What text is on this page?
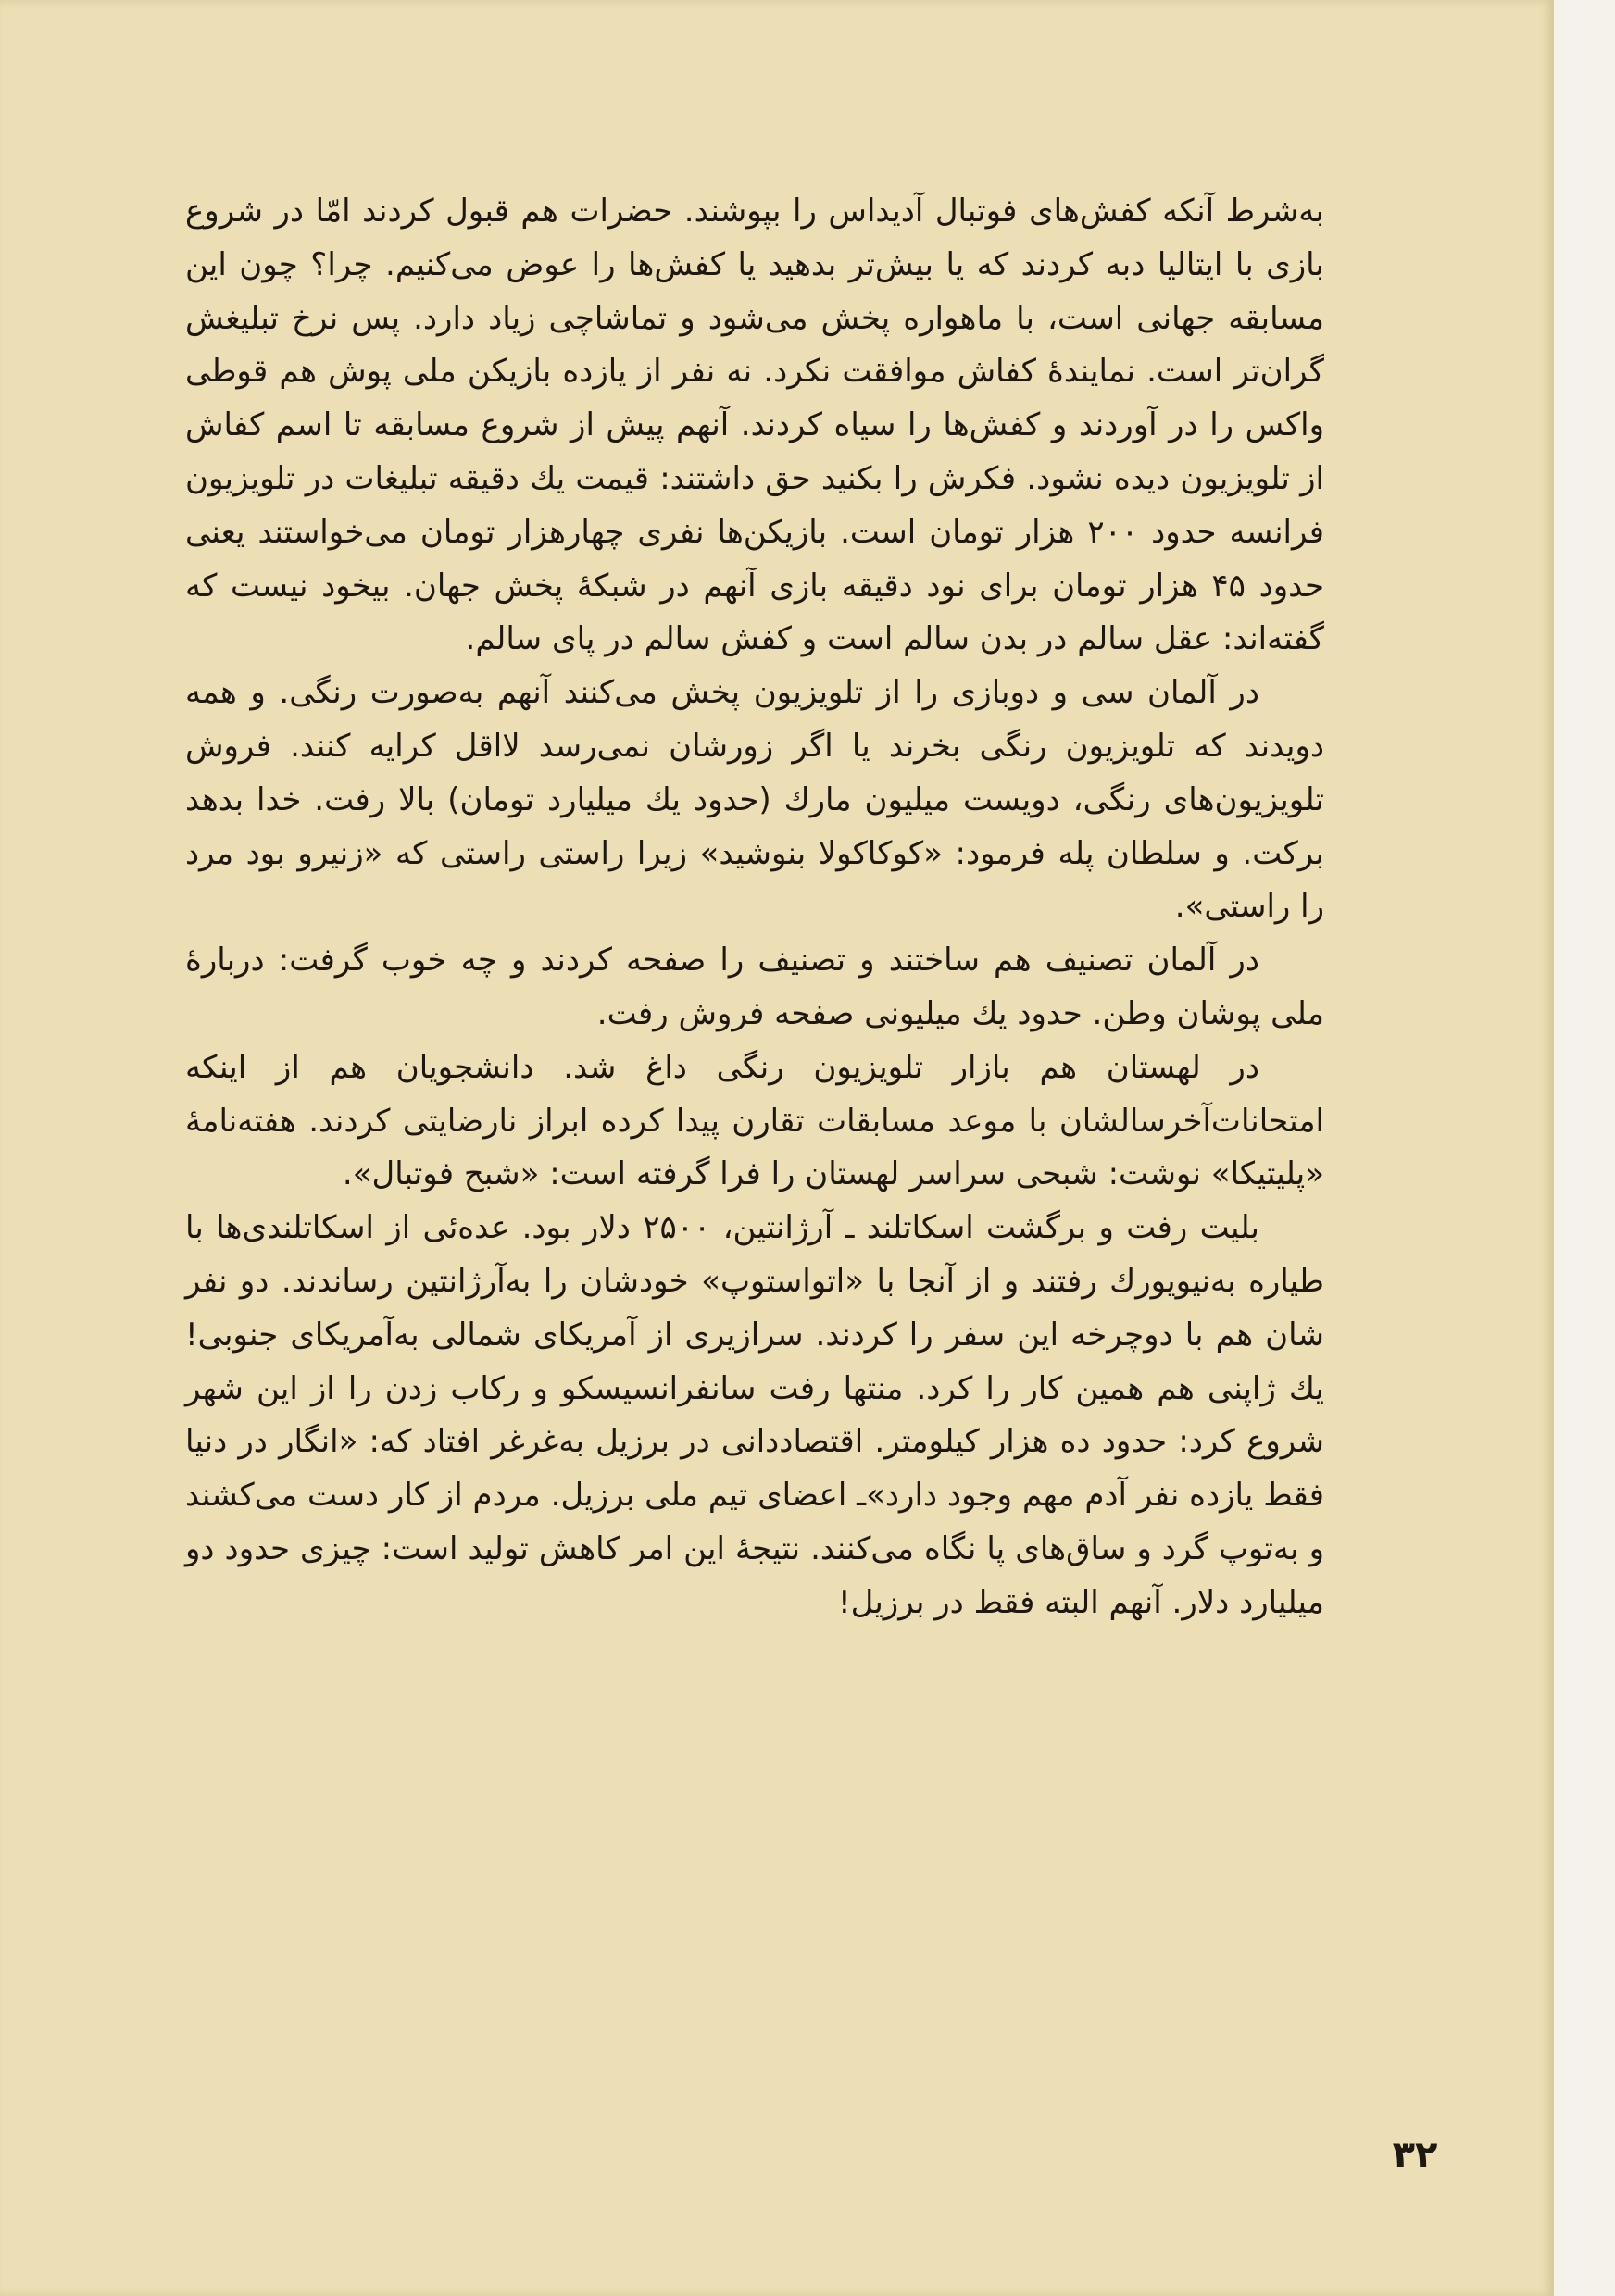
به‌شرط آنکه کفش‌های فوتبال آدیداس را بپوشند. حضرات هم قبول کردند امّا در شروع بازی با ایتالیا دبه کردند که یا بیش‌تر بدهید یا کفش‌ها را عوض می‌کنیم. چرا؟ چون این مسابقه جهانی است، با ماهواره پخش می‌شود و تماشاچی زیاد دارد. پس نرخ تبلیغش گران‌تر است. نمایندهٔ کفاش موافقت نکرد. نه نفر از یازده بازیکن ملی پوش هم قوطی واکس را در آوردند و کفش‌ها را سیاه کردند. آنهم پیش از شروع مسابقه تا اسم کفاش از تلویزیون دیده نشود. فکرش را بکنید حق داشتند: قیمت یك دقیقه تبلیغات در تلویزیون فرانسه حدود ۲۰۰ هزار تومان است. بازیکن‌ها نفری چهارهزار تومان می‌خواستند یعنی حدود ۴۵ هزار تومان برای نود دقیقه بازی آنهم در شبکهٔ پخش جهان. بیخود نیست که گفته‌اند: عقل سالم در بدن سالم است و کفش سالم در پای سالم.

در آلمان سی و دوبازی را از تلویزیون پخش می‌کنند آنهم به‌صورت رنگی. و همه دویدند که تلویزیون رنگی بخرند یا اگر زورشان نمی‌رسد لااقل کرایه کنند. فروش تلویزیون‌های رنگی، دویست میلیون مارك (حدود یك میلیارد تومان) بالا رفت. خدا بدهد برکت. و سلطان پله فرمود: «کوکاکولا بنوشید» زیرا راستی راستی که «زنیرو بود مرد را راستی».

در آلمان تصنیف هم ساختند و تصنیف را صفحه کردند و چه خوب گرفت: دربارهٔ ملی پوشان وطن. حدود یك میلیونی صفحه فروش رفت.

در لهستان هم بازار تلویزیون رنگی داغ شد. دانشجویان هم از اینکه امتحانات‌آخرسالشان با موعد مسابقات تقارن پیدا کرده ابراز نارضایتی کردند. هفته‌نامهٔ «پلیتیکا» نوشت: شبحی سراسر لهستان را فرا گرفته است: «شبح فوتبال».

بلیت رفت و برگشت اسکاتلند ـ آرژانتین، ۲۵۰۰ دلار بود. عده‌ئی از اسکاتلندی‌ها با طیاره به‌نیویورك رفتند و از آنجا با «اتواستوپ» خودشان را به‌آرژانتین رساندند. دو نفر شان هم با دوچرخه این سفر را کردند. سرازیری از آمریکای شمالی به‌آمریکای جنوبی! یك ژاپنی هم همین کار را کرد. منتها رفت سانفرانسیسکو و رکاب زدن را از این شهر شروع کرد: حدود ده هزار کیلومتر. اقتصاددانی در برزیل به‌غرغر افتاد که: «انگار در دنیا فقط یازده نفر آدم مهم وجود دارد»ـ اعضای تیم ملی برزیل. مردم از کار دست می‌کشند و به‌توپ گرد و ساق‌های پا نگاه می‌کنند. نتیجهٔ این امر کاهش تولید است: چیزی حدود دو میلیارد دلار. آنهم البته فقط در برزیل!

۳۲
